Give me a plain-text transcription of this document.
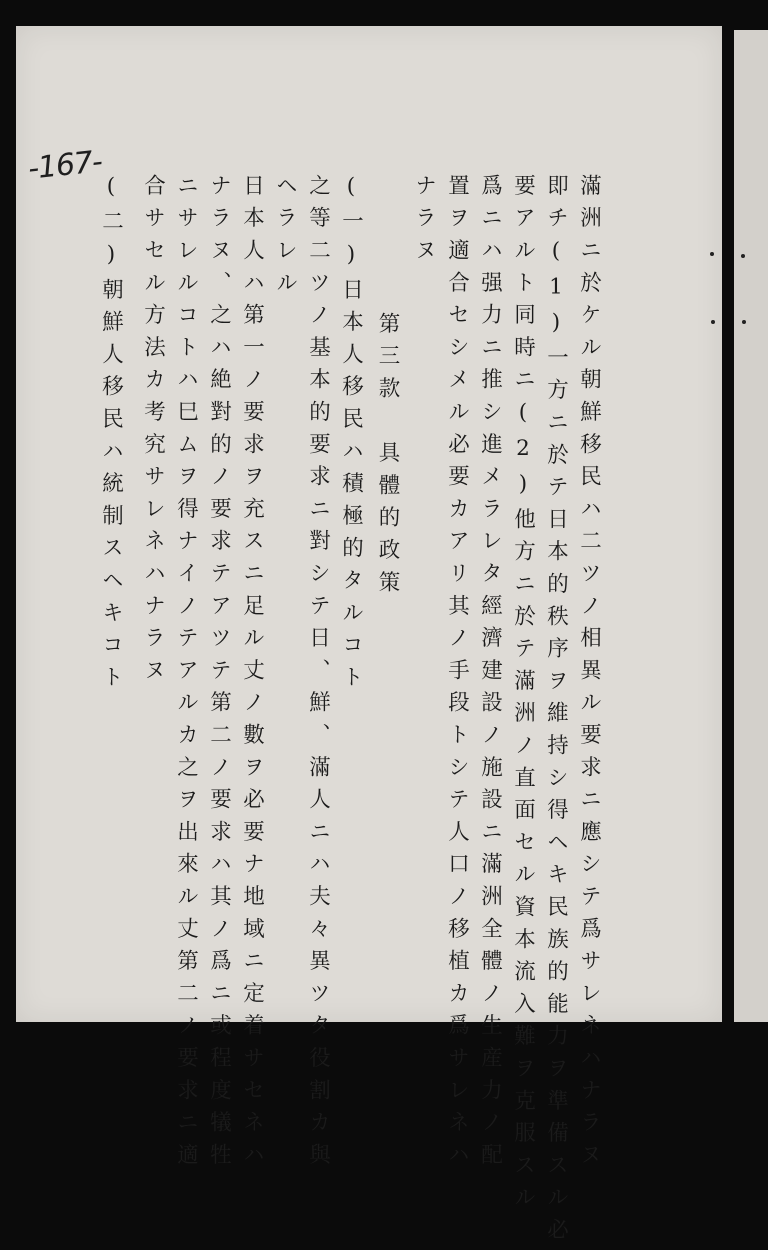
-167-
第三款　具體的政策	滿洲ニ於ケル朝鮮移民ハ二ツノ相異ル要求ニ應シテ爲サレネハナラヌ
即チ(1)一方ニ於テ日本的秩序ヲ維持シ得ヘキ民族的能力ヲ準備スル必
要アルト同時ニ(2)他方ニ於テ滿洲ノ直面セル資本流入難ヲ克服スル
爲ニハ强力ニ推シ進メラレタ經濟建設ノ施設ニ滿洲全體ノ生産力ノ配
置ヲ適合セシメル必要カアリ其ノ手段トシテ人口ノ移植カ爲サレネハ
ナラヌ
(一)日本人移民ハ積極的タルコト
之等二ツノ基本的要求ニ對シテ日、鮮、滿人ニハ夫々異ツタ役割カ與
ヘラレル
日本人ハ第一ノ要求ヲ充スニ足ル丈ノ數ヲ必要ナ地域ニ定着サセネハ
ナラヌ、之ハ絶對的ノ要求テアツテ第二ノ要求ハ其ノ爲ニ或程度犠牲
ニサレルコトハ巳ムヲ得ナイノテアルカ之ヲ出來ル丈第二ノ要求ニ適
合サセル方法カ考究サレネハナラヌ
(二)朝鮮人移民ハ統制スヘキコト
